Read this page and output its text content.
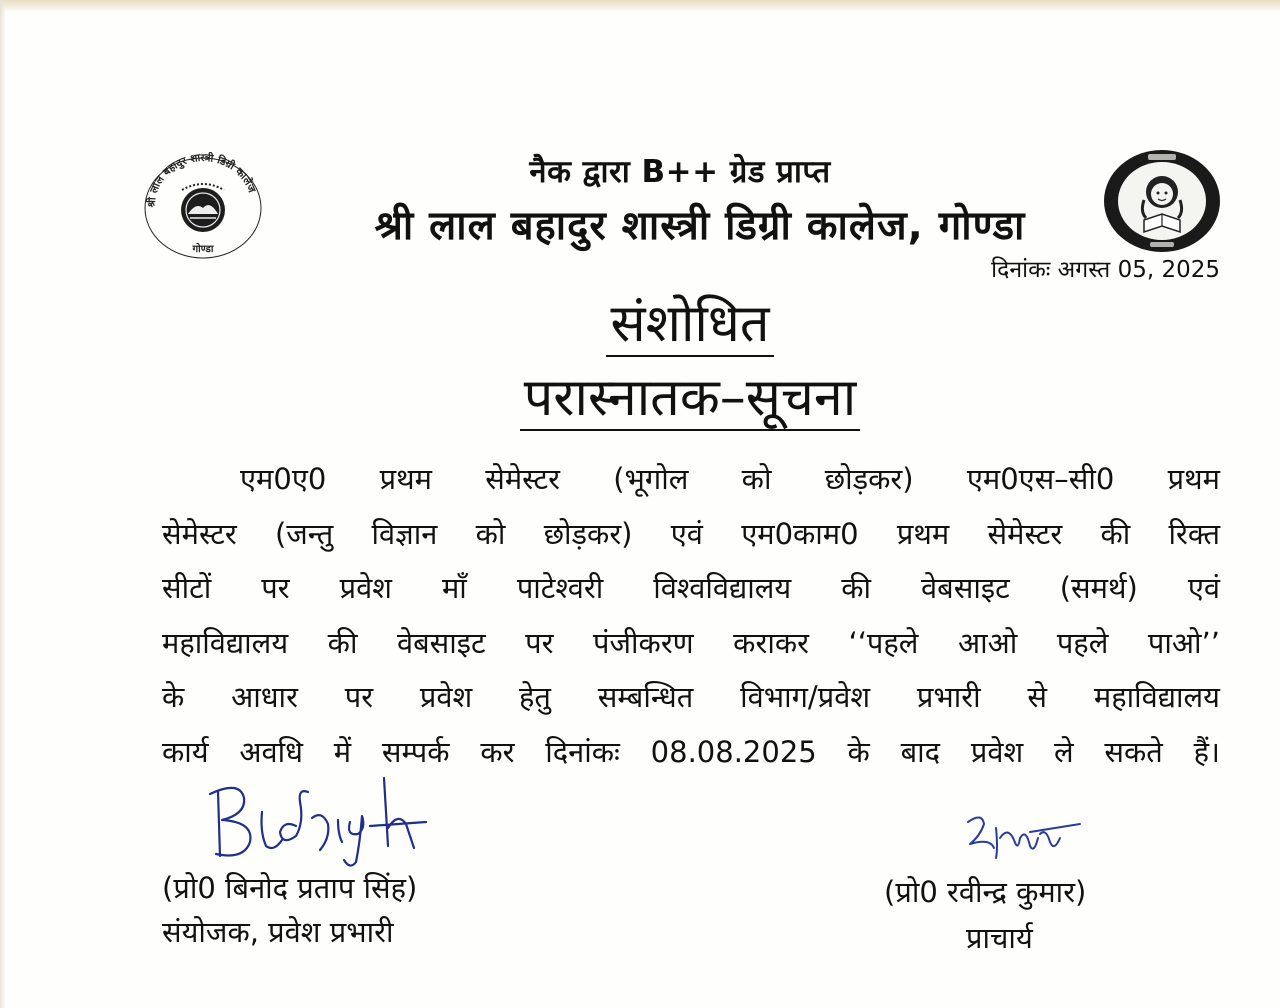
श्री लाल बहादुर शास्त्री डिग्री कालेज
गोण्डा
नैक द्वारा B++ ग्रेड प्राप्त
श्री लाल बहादुर शास्त्री डिग्री कालेज, गोण्डा
दिनांकः अगस्त 05, 2025
संशोधित
परास्नातक–सूचना
एम0ए0 प्रथम सेमेस्टर (भूगोल को छोड़कर) एम0एस–सी0 प्रथम
सेमेस्टर (जन्तु विज्ञान को छोड़कर) एवं एम0काम0 प्रथम सेमेस्टर की रिक्त
सीटों पर प्रवेश माँ पाटेश्वरी विश्वविद्यालय की वेबसाइट (समर्थ) एवं
महाविद्यालय की वेबसाइट पर पंजीकरण कराकर ‘‘पहले आओ पहले पाओ’’
के आधार पर प्रवेश हेतु सम्बन्धित विभाग/प्रवेश प्रभारी से महाविद्यालय
कार्य अवधि में सम्पर्क कर दिनांकः 08.08.2025 के बाद प्रवेश ले सकते हैं।
(प्रो0 बिनोद प्रताप सिंह)
संयोजक, प्रवेश प्रभारी
(प्रो0 रवीन्द्र कुमार)
प्राचार्य
